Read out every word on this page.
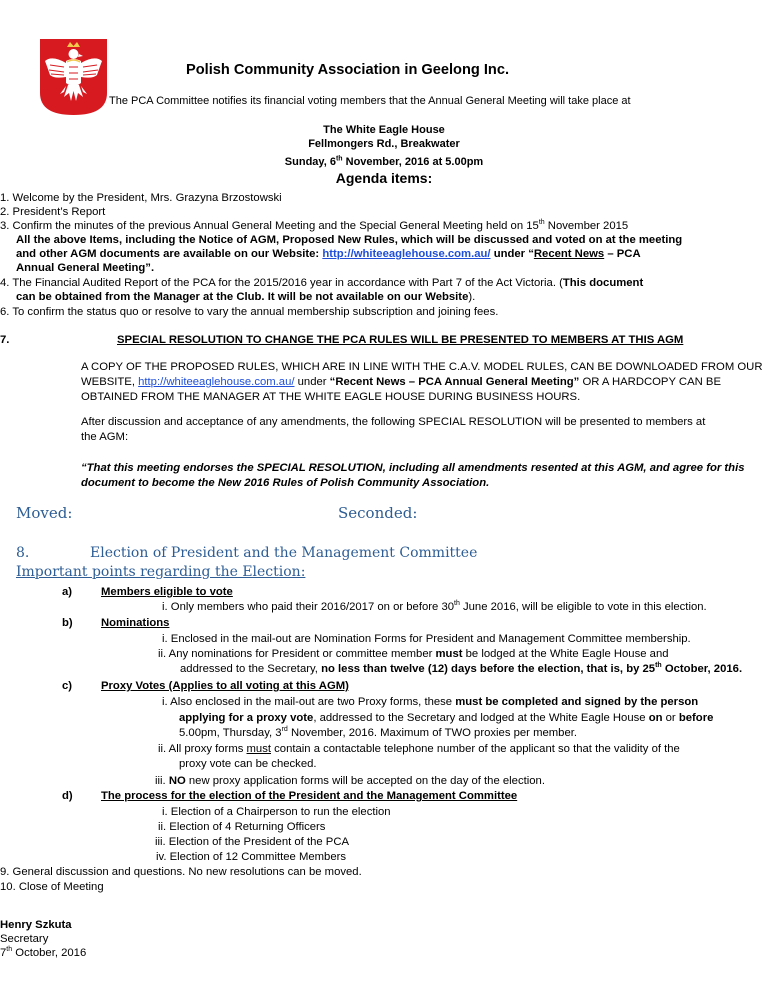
Polish Community Association in Geelong Inc.
The PCA Committee notifies its financial voting members that the Annual General Meeting will take place at
The White Eagle House
Fellmongers Rd., Breakwater
Sunday, 6th November, 2016 at 5.00pm
Agenda items:
1. Welcome by the President, Mrs. Grazyna Brzostowski
2. President’s Report
3. Confirm the minutes of the previous Annual General Meeting and the Special General Meeting held on 15th November 2015
All the above Items, including the Notice of AGM, Proposed New Rules, which will be discussed and voted on at the meeting
and other AGM documents are available on our Website: http://whiteeaglehouse.com.au/ under “Recent News – PCA
Annual General Meeting”.
4. The Financial Audited Report of the PCA for the 2015/2016 year in accordance with Part 7 of the Act Victoria. (This document
can be obtained from the Manager at the Club. It will be not available on our Website).
6. To confirm the status quo or resolve to vary the annual membership subscription and joining fees.
7.	SPECIAL RESOLUTION TO CHANGE THE PCA RULES WILL BE PRESENTED TO MEMBERS AT THIS AGM
A COPY OF THE PROPOSED RULES, WHICH ARE IN LINE WITH THE C.A.V. MODEL RULES, CAN BE DOWNLOADED FROM OUR
WEBSITE, http://whiteeaglehouse.com.au/ under “Recent News – PCA Annual General Meeting” OR A HARDCOPY CAN BE
OBTAINED FROM THE MANAGER AT THE WHITE EAGLE HOUSE DURING BUSINESS HOURS.
After discussion and acceptance of any amendments, the following SPECIAL RESOLUTION will be presented to members at
the AGM:
“That this meeting endorses the SPECIAL RESOLUTION, including all amendments resented at this AGM, and agree for this
document to become the New 2016 Rules of Polish Community Association.
Moved:	Seconded:
8.	Election of President and the Management Committee
Important points regarding the Election:
a)	Members eligible to vote
i. Only members who paid their 2016/2017 on or before 30th June 2016, will be eligible to vote in this election.
b)	Nominations
i. Enclosed in the mail-out are Nomination Forms for President and Management Committee membership.
ii. Any nominations for President or committee member must be lodged at the White Eagle House and
addressed to the Secretary, no less than twelve (12) days before the election, that is, by 25th October, 2016.
c)	Proxy Votes (Applies to all voting at this AGM)
i. Also enclosed in the mail-out are two Proxy forms, these must be completed and signed by the person
applying for a proxy vote, addressed to the Secretary and lodged at the White Eagle House on or before
5.00pm, Thursday, 3rd November, 2016. Maximum of TWO proxies per member.
ii. All proxy forms must contain a contactable telephone number of the applicant so that the validity of the
proxy vote can be checked.
iii. NO new proxy application forms will be accepted on the day of the election.
d)	The process for the election of the President and the Management Committee
i. Election of a Chairperson to run the election
ii. Election of 4 Returning Officers
iii. Election of the President of the PCA
iv. Election of 12 Committee Members
9. General discussion and questions. No new resolutions can be moved.
10. Close of Meeting
Henry Szkuta
Secretary
7th October, 2016
